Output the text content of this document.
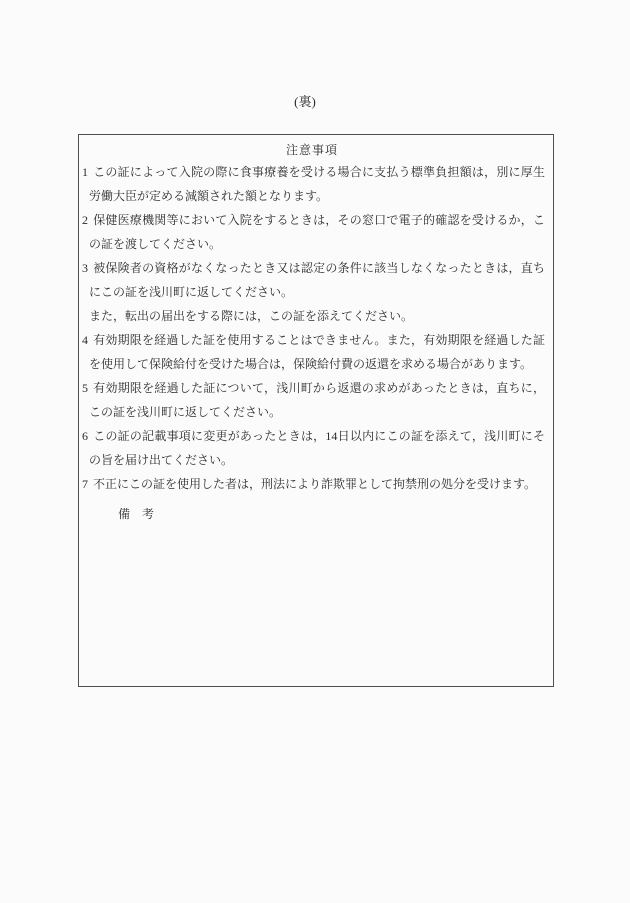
(裏)
注意事項

1 この証によって入院の際に食事療養を受ける場合に支払う標準負担額は，別に厚生労働大臣が定める減額された額となります。

2 保健医療機関等において入院をするときは，その窓口で電子的確認を受けるか，この証を渡してください。

3 被保険者の資格がなくなったとき又は認定の条件に該当しなくなったときは，直ちにこの証を浅川町に返してください。

また，転出の届出をする際には，この証を添えてください。

4 有効期限を経過した証を使用することはできません。また，有効期限を経過した証を使用して保険給付を受けた場合は，保険給付費の返還を求める場合があります。

5 有効期限を経過した証について，浅川町から返還の求めがあったときは，直ちに，この証を浅川町に返してください。

6 この証の記載事項に変更があったときは，14日以内にこの証を添えて，浅川町にその旨を届け出てください。

7 不正にこの証を使用した者は，刑法により詐欺罪として拘禁刑の処分を受けます。

備　考
